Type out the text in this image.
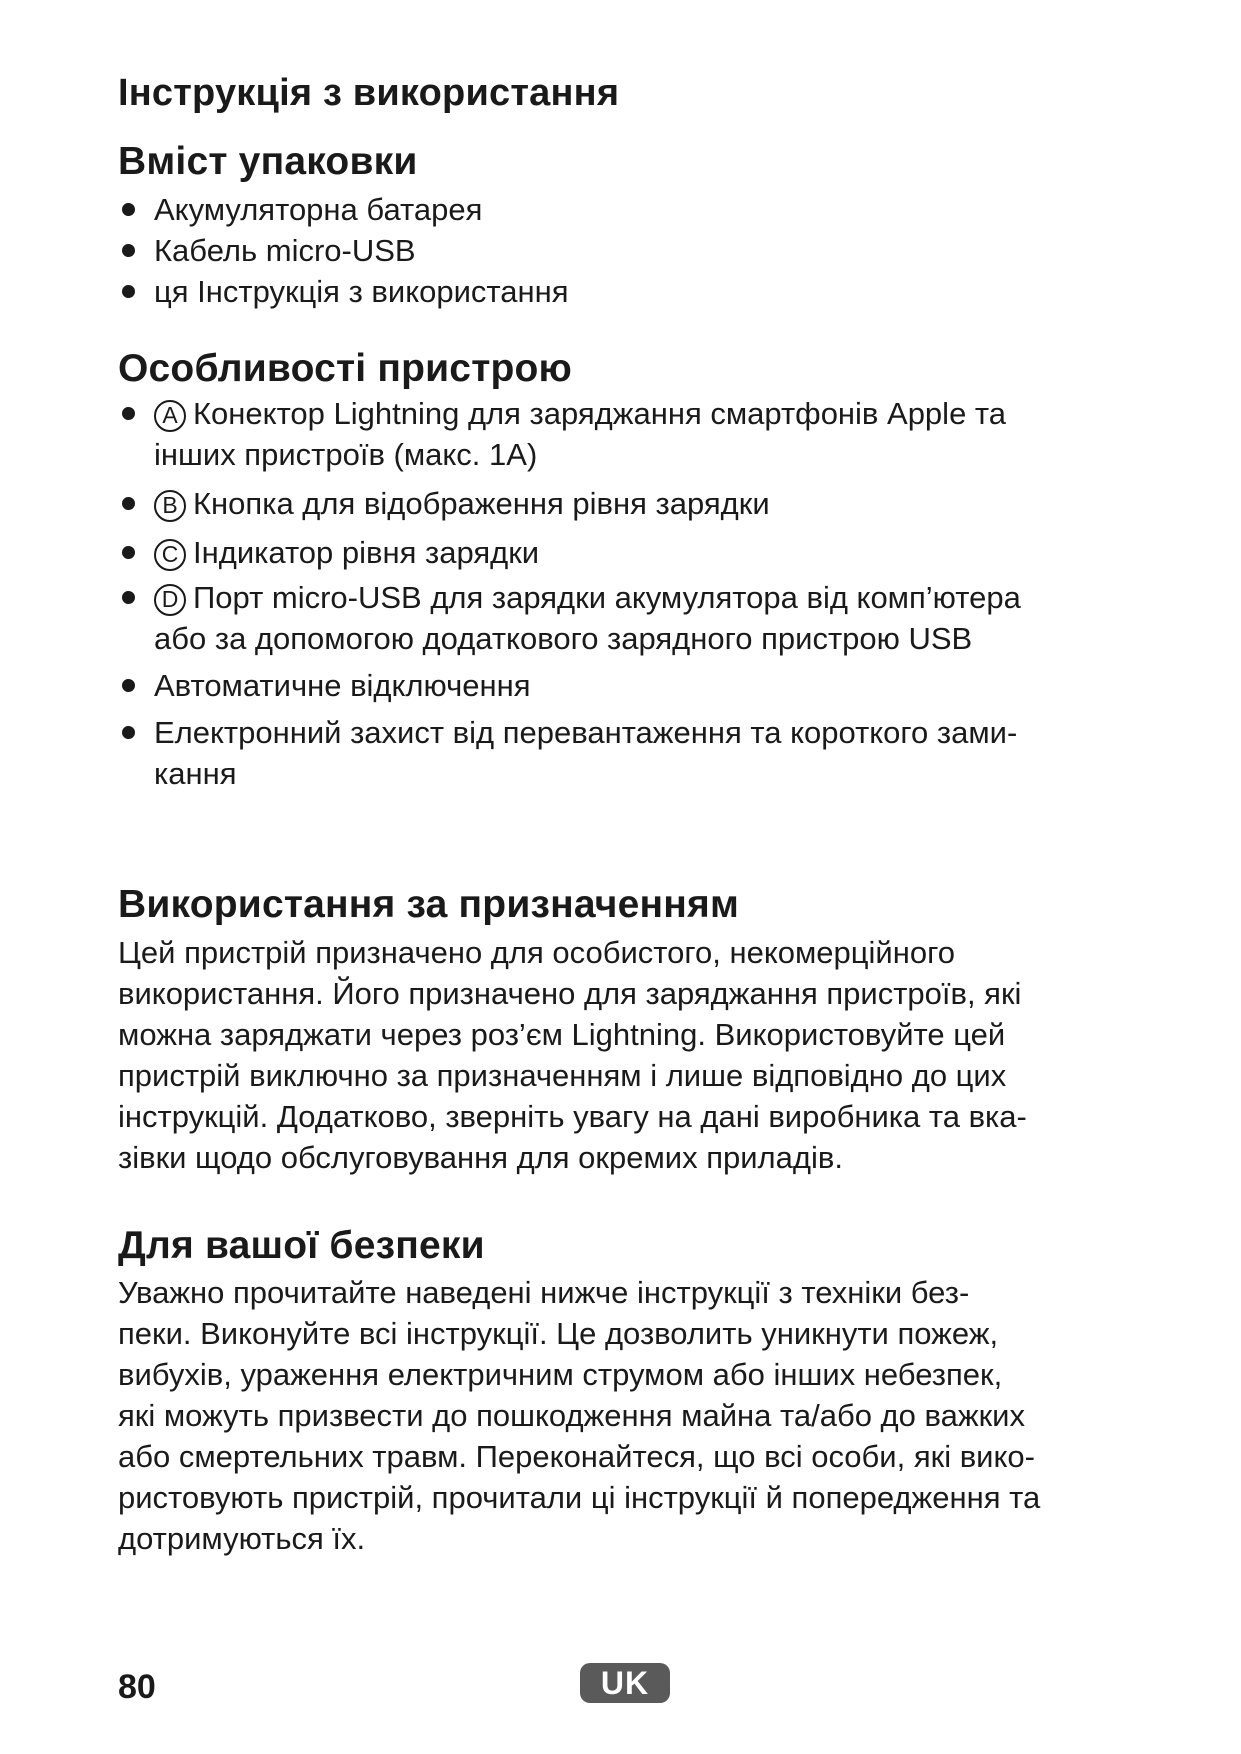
Інструкція з використання
Вміст упаковки
Акумуляторна батарея
Кабель micro-USB
ця Інструкція з використання
Особливості пристрою
A Конектор Lightning для заряджання смартфонів Apple та
інших пристроїв (макс. 1A)
B Кнопка для відображення рівня зарядки
C Індикатор рівня зарядки
D Порт micro-USB для зарядки акумулятора від комп’ютера
або за допомогою додаткового зарядного пристрою USB
Автоматичне відключення
Електронний захист від перевантаження та короткого зами-
кання
Використання за призначенням

Цей пристрій призначено для особистого, некомерційного
використання. Його призначено для заряджання пристроїв, які
можна заряджати через роз’єм Lightning. Використовуйте цей
пристрій виключно за призначенням і лише відповідно до цих
інструкцій. Додатково, зверніть увагу на дані виробника та вка-
зівки щодо обслуговування для окремих приладів.

Для вашої безпеки

Уважно прочитайте наведені нижче інструкції з техніки без-
пеки. Виконуйте всі інструкції. Це дозволить уникнути пожеж,
вибухів, ураження електричним струмом або інших небезпек,
які можуть призвести до пошкодження майна та/або до важких
або смертельних травм. Переконайтеся, що всі особи, які вико-
ристовують пристрій, прочитали ці інструкції й попередження та
дотримуються їх.

80	UK
